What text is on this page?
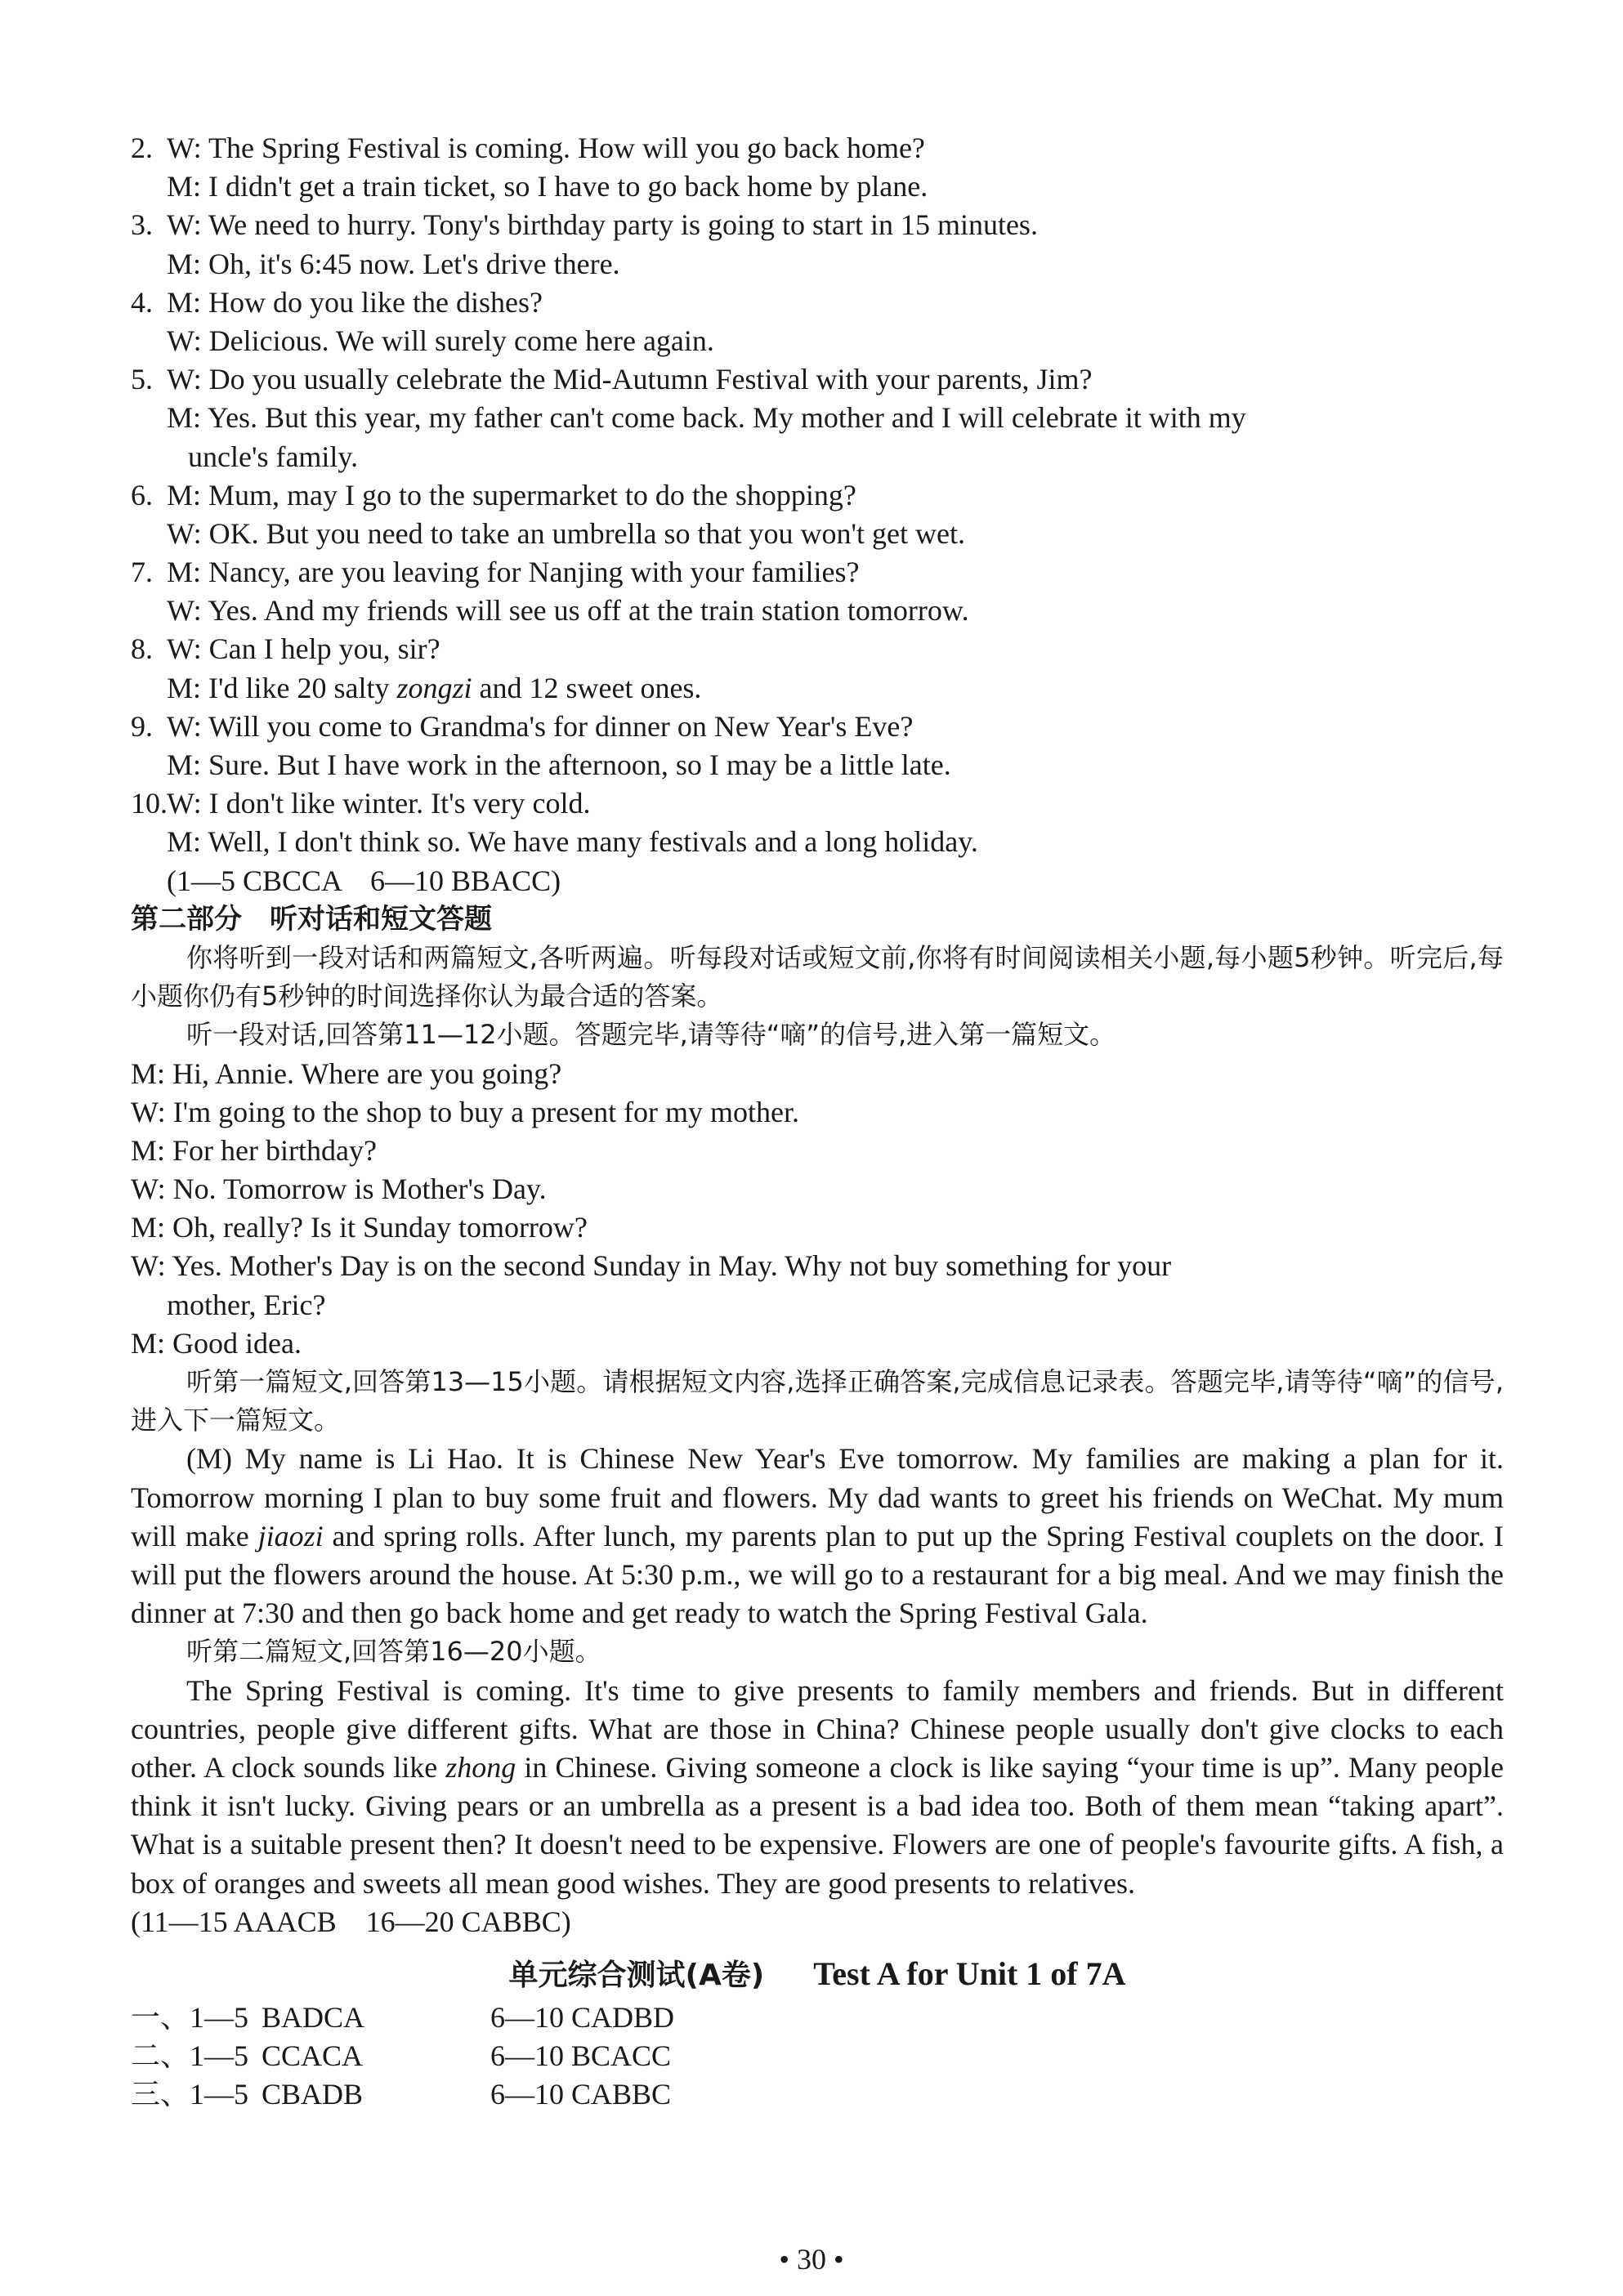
2. W: The Spring Festival is coming. How will you go back home?
M: I didn't get a train ticket, so I have to go back home by plane.
3. W: We need to hurry. Tony's birthday party is going to start in 15 minutes.
M: Oh, it's 6:45 now. Let's drive there.
4. M: How do you like the dishes?
W: Delicious. We will surely come here again.
5. W: Do you usually celebrate the Mid-Autumn Festival with your parents, Jim?
M: Yes. But this year, my father can't come back. My mother and I will celebrate it with my
uncle's family.
6. M: Mum, may I go to the supermarket to do the shopping?
W: OK. But you need to take an umbrella so that you won't get wet.
7. M: Nancy, are you leaving for Nanjing with your families?
W: Yes. And my friends will see us off at the train station tomorrow.
8. W: Can I help you, sir?
M: I'd like 20 salty zongzi and 12 sweet ones.
9. W: Will you come to Grandma's for dinner on New Year's Eve?
M: Sure. But I have work in the afternoon, so I may be a little late.
10.W: I don't like winter. It's very cold.
M: Well, I don't think so. We have many festivals and a long holiday.
(1—5 CBCCA　6—10 BBACC)
第二部分　听对话和短文答题
你将听到一段对话和两篇短文,各听两遍。听每段对话或短文前,你将有时间阅读相关小题,每小题5秒钟。听完后,每小题你仍有5秒钟的时间选择你认为最合适的答案。
听一段对话,回答第11—12小题。答题完毕,请等待“嘀”的信号,进入第一篇短文。
M: Hi, Annie. Where are you going?
W: I'm going to the shop to buy a present for my mother.
M: For her birthday?
W: No. Tomorrow is Mother's Day.
M: Oh, really? Is it Sunday tomorrow?
W: Yes. Mother's Day is on the second Sunday in May. Why not buy something for your
mother, Eric?
M: Good idea.
听第一篇短文,回答第13—15小题。请根据短文内容,选择正确答案,完成信息记录表。答题完毕,请等待“嘀”的信号,进入下一篇短文。
(M) My name is Li Hao. It is Chinese New Year's Eve tomorrow. My families are making a plan for it. Tomorrow morning I plan to buy some fruit and flowers. My dad wants to greet his friends on WeChat. My mum will make jiaozi and spring rolls. After lunch, my parents plan to put up the Spring Festival couplets on the door. I will put the flowers around the house. At 5:30 p.m., we will go to a restaurant for a big meal. And we may finish the dinner at 7:30 and then go back home and get ready to watch the Spring Festival Gala.
听第二篇短文,回答第16—20小题。
The Spring Festival is coming. It's time to give presents to family members and friends. But in different countries, people give different gifts. What are those in China? Chinese people usually don't give clocks to each other. A clock sounds like zhong in Chinese. Giving someone a clock is like saying “your time is up”. Many people think it isn't lucky. Giving pears or an umbrella as a present is a bad idea too. Both of them mean “taking apart”. What is a suitable present then? It doesn't need to be expensive. Flowers are one of people's favourite gifts. A fish, a box of oranges and sweets all mean good wishes. They are good presents to relatives.
(11—15 AAACB　16—20 CABBC)
单元综合测试(A卷) Test A for Unit 1 of 7A
一、1—5 BADCA	6—10 CADBD
二、1—5 CCACA	6—10 BCACC
三、1—5 CBADB	6—10 CABBC
• 30 •
